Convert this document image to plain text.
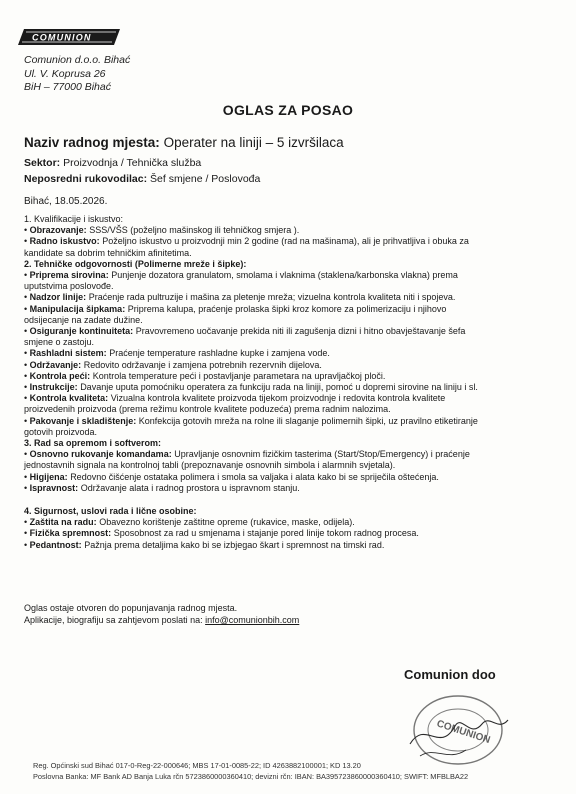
COMUNION
Comunion d.o.o. Bihać
Ul. V. Koprusa 26
BiH – 77000 Bihać
OGLAS ZA POSAO
Naziv radnog mjesta: Operater na liniji – 5 izvršilaca
Sektor: Proizvodnja / Tehnička služba
Neposredni rukovodilac: Šef smjene / Poslovođa
Bihać, 18.05.2026.
1. Kvalifikacije i iskustvo:
• Obrazovanje: SSS/VŠS (poželjno mašinskog ili tehničkog smjera ).
• Radno iskustvo: Poželjno iskustvo u proizvodnji min 2 godine (rad na mašinama), ali je prihvatljiva i obuka za
kandidate sa dobrim tehničkim afinitetima.
2. Tehničke odgovornosti (Polimerne mreže i šipke):
• Priprema sirovina: Punjenje dozatora granulatom, smolama i vlaknima (staklena/karbonska vlakna) prema
uputstvima poslovođe.
• Nadzor linije: Praćenje rada pultruzije i mašina za pletenje mreža; vizuelna kontrola kvaliteta niti i spojeva.
• Manipulacija šipkama: Priprema kalupa, praćenje prolaska šipki kroz komore za polimerizaciju i njihovo
odsijecanje na zadate dužine.
• Osiguranje kontinuiteta: Pravovremeno uočavanje prekida niti ili zagušenja dizni i hitno obavještavanje šefa
smjene o zastoju.
• Rashladni sistem: Praćenje temperature rashladne kupke i zamjena vode.
• Održavanje: Redovito održavanje i zamjena potrebnih rezervnih dijelova.
• Kontrola peći: Kontrola temperature peći i postavljanje parametara na upravljačkoj ploči.
• Instrukcije: Davanje uputa pomoćniku operatera za funkciju rada na liniji, pomoć u dopremi sirovine na liniju i sl.
• Kontrola kvaliteta: Vizualna kontrola kvalitete proizvoda tijekom proizvodnje i redovita kontrola kvalitete
proizvedenih proizvoda (prema režimu kontrole kvalitete poduzeća) prema radnim nalozima.
• Pakovanje i skladištenje: Konfekcija gotovih mreža na rolne ili slaganje polimernih šipki, uz pravilno etiketiranje
gotovih proizvoda.
3. Rad sa opremom i softverom:
• Osnovno rukovanje komandama: Upravljanje osnovnim fizičkim tasterima (Start/Stop/Emergency) i praćenje
jednostavnih signala na kontrolnoj tabli (prepoznavanje osnovnih simbola i alarmnih svjetala).
• Higijena: Redovno čišćenje ostataka polimera i smola sa valjaka i alata kako bi se spriječila oštećenja.
• Ispravnost: Održavanje alata i radnog prostora u ispravnom stanju.
4. Sigurnost, uslovi rada i lične osobine:
• Zaštita na radu: Obavezno korištenje zaštitne opreme (rukavice, maske, odijela).
• Fizička spremnost: Sposobnost za rad u smjenama i stajanje pored linije tokom radnog procesa.
• Pedantnost: Pažnja prema detaljima kako bi se izbjegao škart i spremnost na timski rad.
Oglas ostaje otvoren do popunjavanja radnog mjesta.
Aplikacije, biografiju sa zahtjevom poslati na: info@comunionbih.com
Comunion doo
COMUNION
Reg. Općinski sud Bihać 017-0-Reg-22-000646; MBS 17-01-0085-22; ID 4263882100001; KD 13.20
Poslovna Banka: MF Bank AD Banja Luka rčn 5723860000360410; devizni rčn: IBAN: BA395723860000360410; SWIFT: MFBLBA22
